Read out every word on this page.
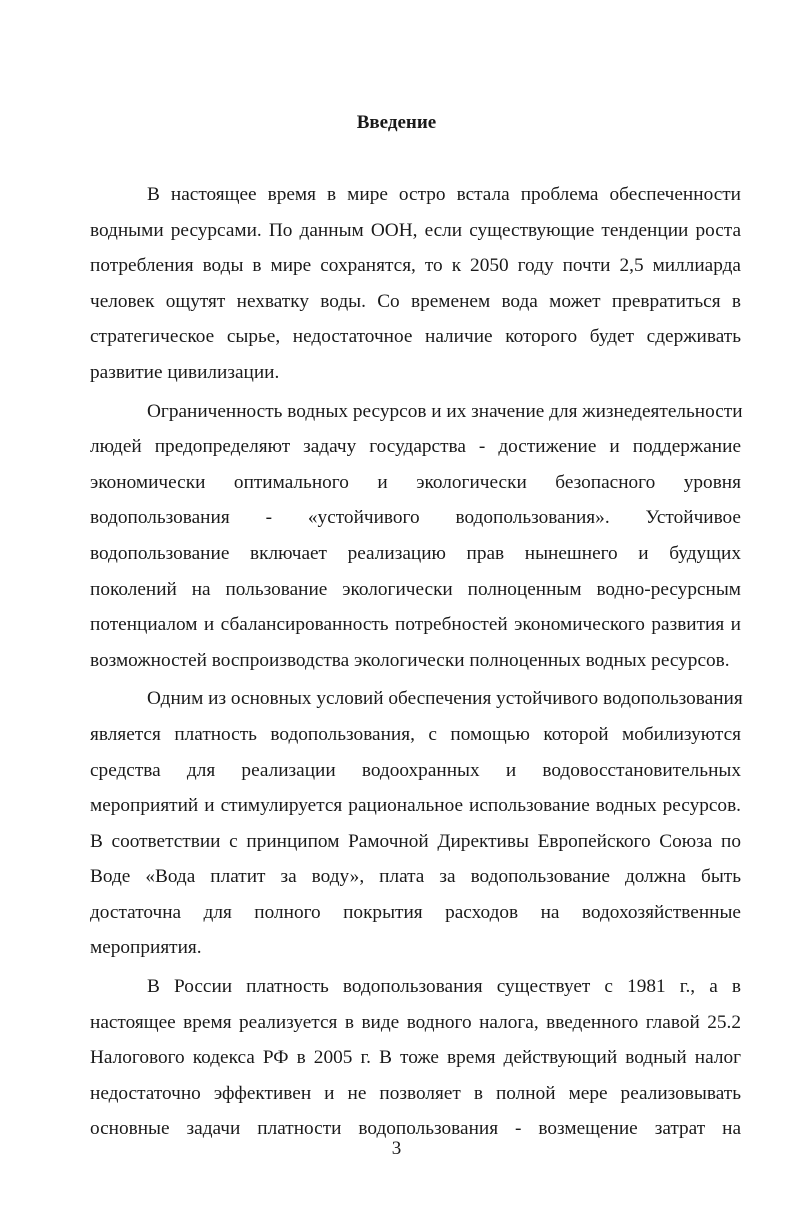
Введение
В настоящее время в мире остро встала проблема обеспеченности
водными ресурсами. По данным ООН, если существующие тенденции роста
потребления воды в мире сохранятся, то к 2050 году почти 2,5 миллиарда
человек ощутят нехватку воды. Со временем вода может превратиться в
стратегическое сырье, недостаточное наличие которого будет сдерживать
развитие цивилизации.
Ограниченность водных ресурсов и их значение для жизнедеятельности
людей предопределяют задачу государства - достижение и поддержание
экономически оптимального и экологически безопасного уровня
водопользования - «устойчивого водопользования». Устойчивое
водопользование включает реализацию прав нынешнего и будущих
поколений на пользование экологически полноценным водно-ресурсным
потенциалом и сбалансированность потребностей экономического развития и
возможностей воспроизводства экологически полноценных водных ресурсов.
Одним из основных условий обеспечения устойчивого водопользования
является платность водопользования, с помощью которой мобилизуются
средства для реализации водоохранных и водовосстановительных
мероприятий и стимулируется рациональное использование водных ресурсов.
В соответствии с принципом Рамочной Директивы Европейского Союза по
Воде «Вода платит за воду», плата за водопользование должна быть
достаточна для полного покрытия расходов на водохозяйственные
мероприятия.
В России платность водопользования существует с 1981 г., а в
настоящее время реализуется в виде водного налога, введенного главой 25.2
Налогового кодекса РФ в 2005 г. В тоже время действующий водный налог
недостаточно эффективен и не позволяет в полной мере реализовывать
основные задачи платности водопользования - возмещение затрат на
3
